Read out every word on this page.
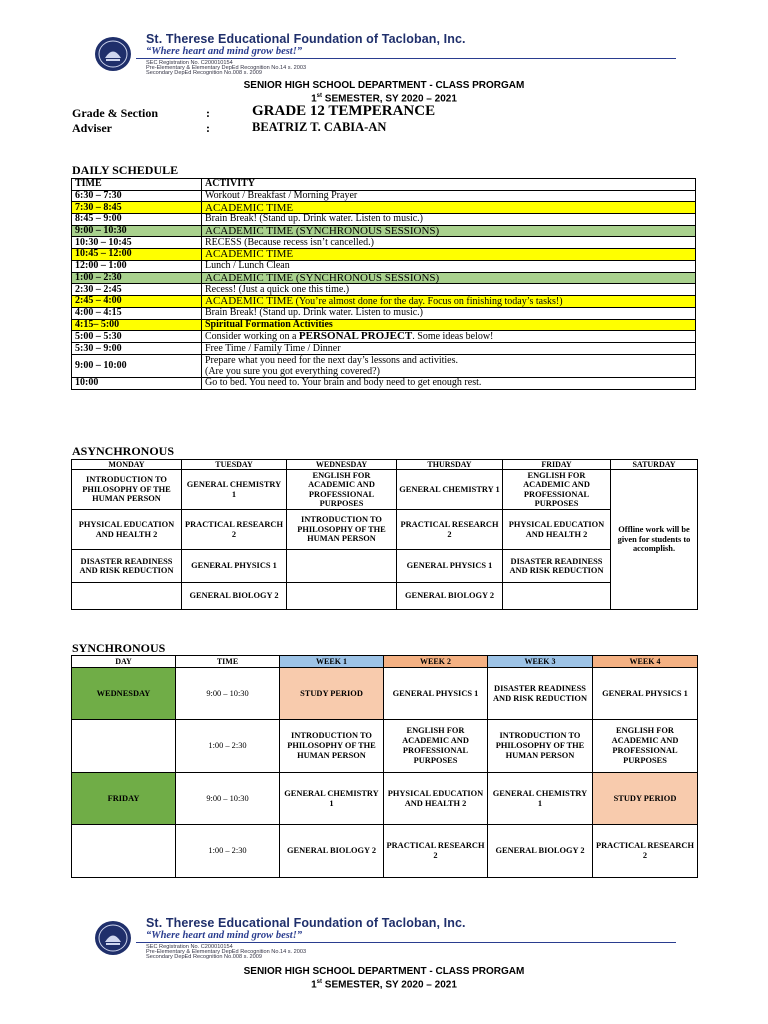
St. Therese Educational Foundation of Tacloban, Inc.
“Where heart and mind grow best!”
SEC Registration No. C200010154
Pre-Elementary & Elementary DepEd Recognition No.14 s. 2003
Secondary DepEd Recognition No.008 s. 2009
SENIOR HIGH SCHOOL DEPARTMENT - CLASS PRORGAM
1st SEMESTER, SY 2020 – 2021
Grade & Section	:	GRADE 12 TEMPERANCE
Adviser	:	BEATRIZ T. CABIA-AN
DAILY SCHEDULE
TIME	ACTIVITY
6:30 – 7:30	Workout / Breakfast / Morning Prayer
7:30 – 8:45	ACADEMIC TIME
8:45 – 9:00	Brain Break! (Stand up. Drink water. Listen to music.)
9:00 – 10:30	ACADEMIC TIME (SYNCHRONOUS SESSIONS)
10:30 – 10:45	RECESS (Because recess isn’t cancelled.)
10:45 – 12:00	ACADEMIC TIME
12:00 – 1:00	Lunch / Lunch Clean
1:00 – 2:30	ACADEMIC TIME (SYNCHRONOUS SESSIONS)
2:30 – 2:45	Recess! (Just a quick one this time.)
2:45 – 4:00	ACADEMIC TIME (You’re almost done for the day. Focus on finishing today’s tasks!)
4:00 – 4:15	Brain Break! (Stand up. Drink water. Listen to music.)
4:15– 5:00	Spiritual Formation Activities
5:00 – 5:30	Consider working on a PERSONAL PROJECT. Some ideas below!
5:30 – 9:00	Free Time / Family Time / Dinner
9:00 – 10:00	Prepare what you need for the next day’s lessons and activities.
(Are you sure you got everything covered?)
10:00	Go to bed. You need to. Your brain and body need to get enough rest.
ASYNCHRONOUS
MONDAY	TUESDAY	WEDNESDAY	THURSDAY	FRIDAY	SATURDAY
INTRODUCTION TO PHILOSOPHY OF THE HUMAN PERSON	GENERAL CHEMISTRY 1	ENGLISH FOR ACADEMIC AND PROFESSIONAL PURPOSES	GENERAL CHEMISTRY 1	ENGLISH FOR ACADEMIC AND PROFESSIONAL PURPOSES	Offline work will be given for students to accomplish.
PHYSICAL EDUCATION AND HEALTH 2	PRACTICAL RESEARCH 2	INTRODUCTION TO PHILOSOPHY OF THE HUMAN PERSON	PRACTICAL RESEARCH 2	PHYSICAL EDUCATION AND HEALTH 2	
DISASTER READINESS AND RISK REDUCTION	GENERAL PHYSICS 1		GENERAL PHYSICS 1	DISASTER READINESS AND RISK REDUCTION	
	GENERAL BIOLOGY 2		GENERAL BIOLOGY 2		
SYNCHRONOUS
DAY	TIME	WEEK 1	WEEK 2	WEEK 3	WEEK 4
WEDNESDAY	9:00 – 10:30	STUDY PERIOD	GENERAL PHYSICS 1	DISASTER READINESS AND RISK REDUCTION	GENERAL PHYSICS 1
	1:00 – 2:30	INTRODUCTION TO PHILOSOPHY OF THE HUMAN PERSON	ENGLISH FOR ACADEMIC AND PROFESSIONAL PURPOSES	INTRODUCTION TO PHILOSOPHY OF THE HUMAN PERSON	ENGLISH FOR ACADEMIC AND PROFESSIONAL PURPOSES
FRIDAY	9:00 – 10:30	GENERAL CHEMISTRY 1	PHYSICAL EDUCATION AND HEALTH 2	GENERAL CHEMISTRY 1	STUDY PERIOD
	1:00 – 2:30	GENERAL BIOLOGY 2	PRACTICAL RESEARCH 2	GENERAL BIOLOGY 2	PRACTICAL RESEARCH 2
St. Therese Educational Foundation of Tacloban, Inc.
“Where heart and mind grow best!”
SEC Registration No. C200010154
Pre-Elementary & Elementary DepEd Recognition No.14 s. 2003
Secondary DepEd Recognition No.008 s. 2009
SENIOR HIGH SCHOOL DEPARTMENT - CLASS PRORGAM
1st SEMESTER, SY 2020 – 2021
